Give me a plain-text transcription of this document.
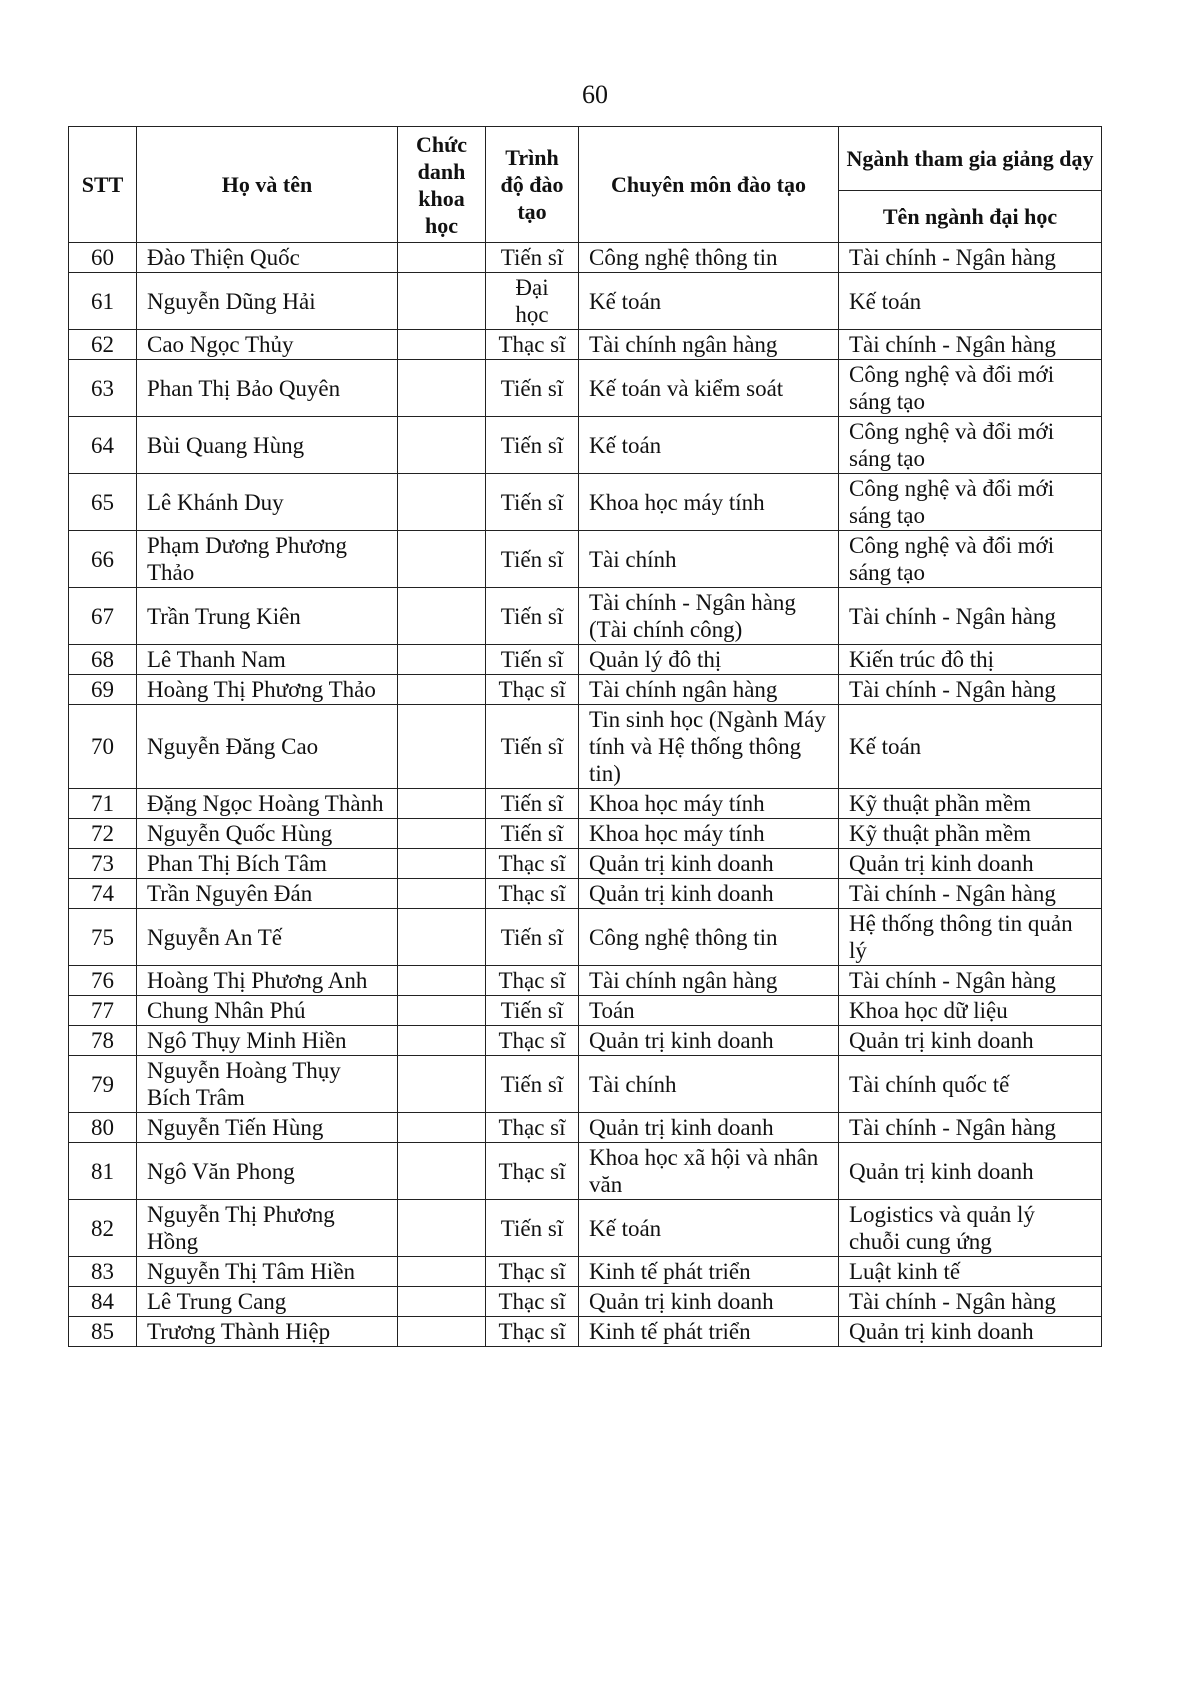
60
STT	Họ và tên	Chức danh khoa học	Trình độ đào tạo	Chuyên môn đào tạo	Ngành tham gia giảng dạy
					Tên ngành đại học
60	Đào Thiện Quốc		Tiến sĩ	Công nghệ thông tin	Tài chính - Ngân hàng
61	Nguyễn Dũng Hải		Đại học	Kế toán	Kế toán
62	Cao Ngọc Thủy		Thạc sĩ	Tài chính ngân hàng	Tài chính - Ngân hàng
63	Phan Thị Bảo Quyên		Tiến sĩ	Kế toán và kiểm soát	Công nghệ và đổi mới sáng tạo
64	Bùi Quang Hùng		Tiến sĩ	Kế toán	Công nghệ và đổi mới sáng tạo
65	Lê Khánh Duy		Tiến sĩ	Khoa học máy tính	Công nghệ và đổi mới sáng tạo
66	Phạm Dương Phương Thảo		Tiến sĩ	Tài chính	Công nghệ và đổi mới sáng tạo
67	Trần Trung Kiên		Tiến sĩ	Tài chính - Ngân hàng (Tài chính công)	Tài chính - Ngân hàng
68	Lê Thanh Nam		Tiến sĩ	Quản lý đô thị	Kiến trúc đô thị
69	Hoàng Thị Phương Thảo		Thạc sĩ	Tài chính ngân hàng	Tài chính - Ngân hàng
70	Nguyễn Đăng Cao		Tiến sĩ	Tin sinh học (Ngành Máy tính và Hệ thống thông tin)	Kế toán
71	Đặng Ngọc Hoàng Thành		Tiến sĩ	Khoa học máy tính	Kỹ thuật phần mềm
72	Nguyễn Quốc Hùng		Tiến sĩ	Khoa học máy tính	Kỹ thuật phần mềm
73	Phan Thị Bích Tâm		Thạc sĩ	Quản trị kinh doanh	Quản trị kinh doanh
74	Trần Nguyên Đán		Thạc sĩ	Quản trị kinh doanh	Tài chính - Ngân hàng
75	Nguyễn An Tế		Tiến sĩ	Công nghệ thông tin	Hệ thống thông tin quản lý
76	Hoàng Thị Phương Anh		Thạc sĩ	Tài chính ngân hàng	Tài chính - Ngân hàng
77	Chung Nhân Phú		Tiến sĩ	Toán	Khoa học dữ liệu
78	Ngô Thụy Minh Hiền		Thạc sĩ	Quản trị kinh doanh	Quản trị kinh doanh
79	Nguyễn Hoàng Thụy Bích Trâm		Tiến sĩ	Tài chính	Tài chính quốc tế
80	Nguyễn Tiến Hùng		Thạc sĩ	Quản trị kinh doanh	Tài chính - Ngân hàng
81	Ngô Văn Phong		Thạc sĩ	Khoa học xã hội và nhân văn	Quản trị kinh doanh
82	Nguyễn Thị Phương Hồng		Tiến sĩ	Kế toán	Logistics và quản lý chuỗi cung ứng
83	Nguyễn Thị Tâm Hiền		Thạc sĩ	Kinh tế phát triển	Luật kinh tế
84	Lê Trung Cang		Thạc sĩ	Quản trị kinh doanh	Tài chính - Ngân hàng
85	Trương Thành Hiệp		Thạc sĩ	Kinh tế phát triển	Quản trị kinh doanh
